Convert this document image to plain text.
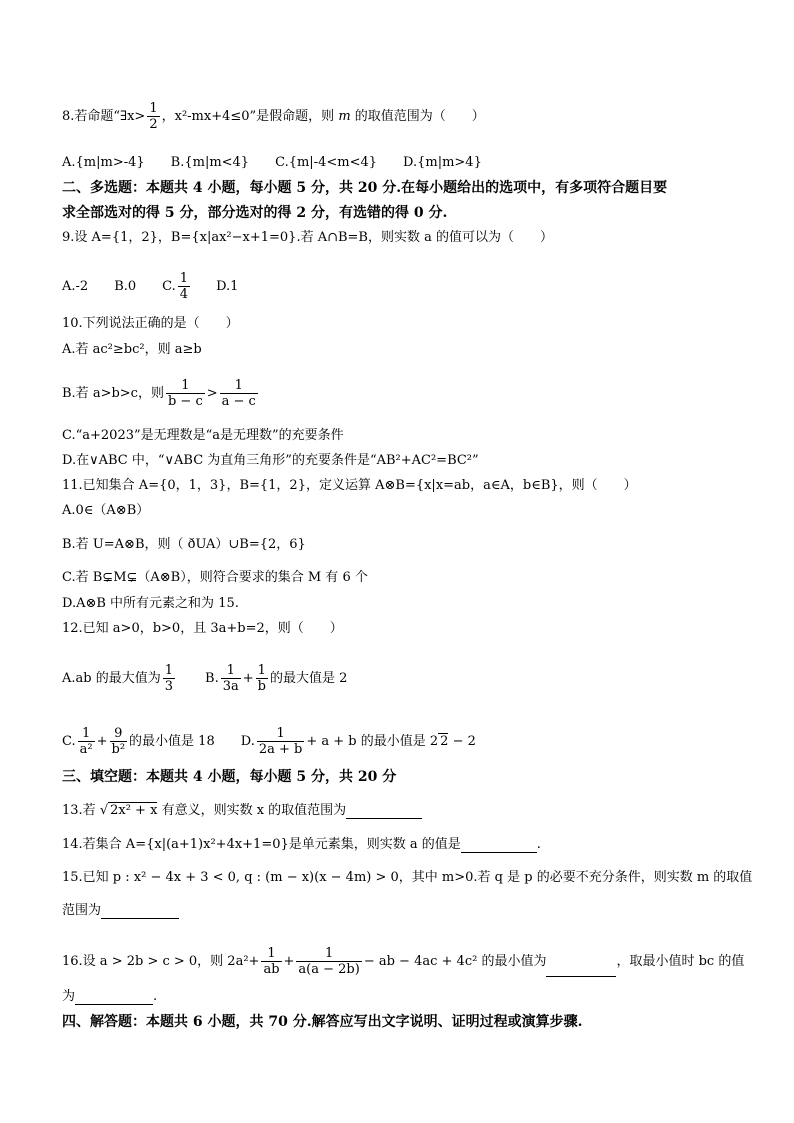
8.若命题“∃x> $\frac{1}{2}$ ，x²-mx+4≤0”是假命题，则 m 的取值范围为（　　）
A.{m|m>-4} B.{m|m<4} C.{m|-4<m<4} D.{m|m>4}
二、多选题：本题共 4 小题，每小题 5 分，共 20 分.在每小题给出的选项中，有多项符合题目要
求全部选对的得 5 分，部分选对的得 2 分，有选错的得 0 分.
9.设 A={1，2}，B={x|ax²−x+1=0}.若 A∩B=B，则实数 a 的值可以为（　　）
A.-2 B.0 C. $\frac{1}{4} D.1$
10.下列说法正确的是（　　）
A.若 ac²≥bc²，则 a≥b
B.若 a>b>c，则 $\frac{1}{b - c} > \frac{1}{a - c}$
C.“a+2023”是无理数是“a是无理数”的充要条件
D.在∨ABC 中，“∨ABC 为直角三角形”的充要条件是“AB²+AC²=BC²”
11.已知集合 A={0，1，3}，B={1，2}，定义运算 A⊗B={x|x=ab，a∈A，b∈B}，则（　　）
A.0∈（A⊗B）
B.若 U=A⊗B，则（ ðUA）∪B={2，6}
C.若 B⊊M⊊（A⊗B），则符合要求的集合 M 有 6 个
D.A⊗B 中所有元素之和为 15.
12.已知 a>0，b>0，且 3a+b=2，则（　　）
A.ab 的最大值为 $\frac{1}{3} B$. $\frac{1}{3a} + \frac{1}{b}$ 的最大值是 2
C. $\frac{1}{\text{a²}} + \frac{9}{\text{b²}}$ 的最小值是 18 D. $\frac{1}{2a + b} + a + b$ 的最小值是 2 2 − 2
三、填空题：本题共 4 小题，每小题 5 分，共 20 分
13.若 √ 2x² + x 有意义，则实数 x 的取值范围为
14.若集合 A={x|(a+1)x²+4x+1=0}是单元素集，则实数 a 的值是	.
15.已知 p : x² − 4x + 3 < 0, q : (m − x)(x − 4m) > 0，其中 m>0.若 q 是 p 的必要不充分条件，则实数 m 的取值
范围为
16.设 a > 2b > c > 0，则 $2a^2+ \frac{1}{ab} + \frac{1}{a(a - 2b)}$ − ab − 4ac + 4c² 的最小值为	，取最小值时 bc 的值
为	.
四、解答题：本题共 6 小题，共 70 分.解答应写出文字说明、证明过程或演算步骤.
